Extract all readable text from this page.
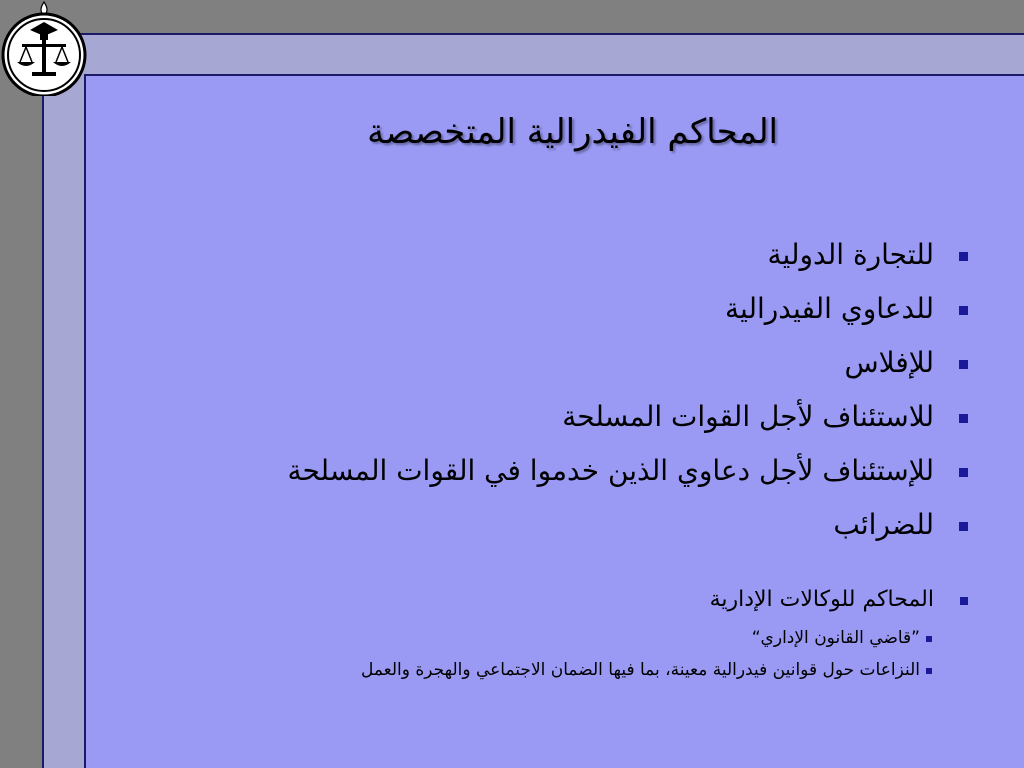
المحاكم الفيدرالية المتخصصة
للتجارة الدولية
للدعاوي الفيدرالية
للإفلاس
للاستئناف لأجل القوات المسلحة
للإستئناف لأجل دعاوي الذين خدموا في القوات المسلحة
للضرائب
المحاكم للوكالات الإدارية
”قاضي القانون الإداري“
النزاعات حول قوانين فيدرالية معينة، بما فيها الضمان الاجتماعي والهجرة والعمل
